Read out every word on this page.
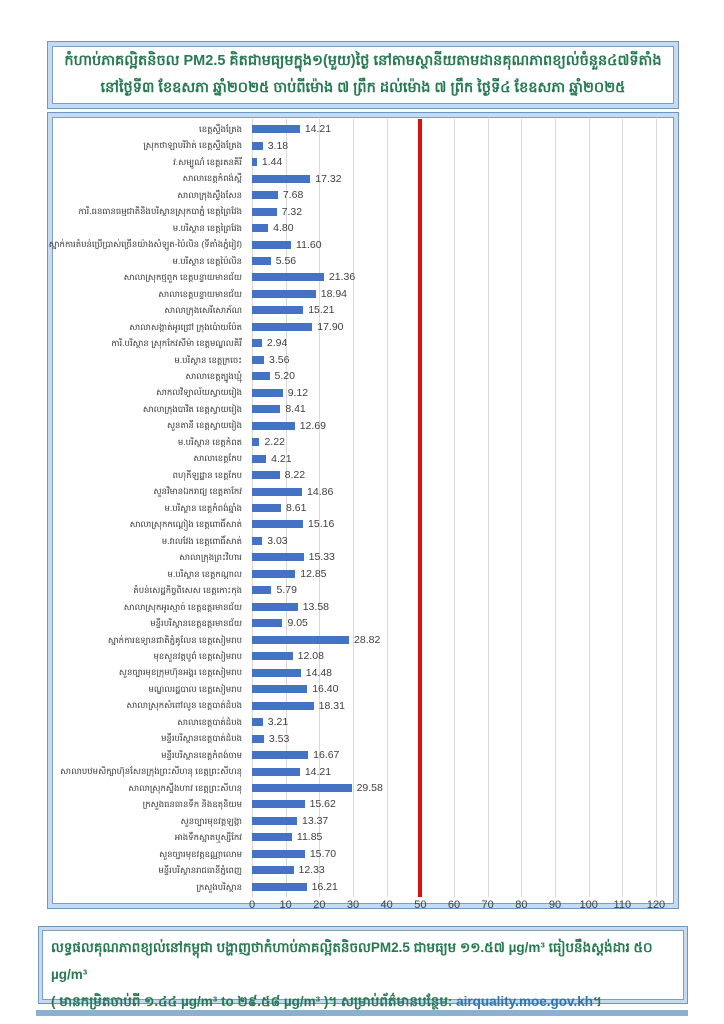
កំហាប់ភាគល្អិតនិចល PM2.5 គិតជាមធ្យមក្នុង១(មួយ)ថ្ងៃ នៅតាមស្ថានីយតាមដានគុណភាពខ្យល់ចំនួន៤៧ទីតាំង
នៅថ្ងៃទី៣ ខែឧសភា ឆ្នាំ២០២៥ ចាប់ពីម៉ោង ៧ ព្រឹក ដល់ម៉ោង ៧ ព្រឹក ថ្ងៃទី៤ ខែឧសភា ឆ្នាំ២០២៥
ខេត្តស្ទឹងត្រែង	14.21
ស្រុកថាឡាបរិវ៉ាត់ ខេត្តស្ទឹងត្រែង	3.18
វ.សម្បូណ៌ ខេត្តរតនគិរី	1.44
សាលាខេត្តកំពង់ស្ពឺ	17.32
សាលាក្រុងស្ទឹងសែន	7.68
ការិ.ធនធានធម្មជាតិនិងបរិស្ថានស្រុកបាភ្នំ ខេត្តព្រៃវែង	7.32
ម.បរិស្ថាន ខេត្តព្រៃវែង	4.80
ស្នាក់ការតំបន់ប្រើប្រាស់ច្រើនយ៉ាងសំឡូត-ប៉ៃលិន (ទីតាំងភ្នំរៀវ)	11.60
ម.បរិស្ថាន ខេត្តប៉ៃលិន	5.56
សាលាស្រុកថ្មពួក ខេត្តបន្ទាយមានជ័យ	21.36
សាលាខេត្តបន្ទាយមានជ័យ	18.94
សាលាក្រុងសេរីសោភ័ណ	15.21
សាលាសង្កាត់អូរជ្រៅ ក្រុងប៉ោយប៉ែត	17.90
ការិ.បរិស្ថាន ស្រុកកែវសីម៉ា ខេត្តមណ្ឌលគិរី	2.94
ម.បរិស្ថាន ខេត្តក្រចេះ	3.56
សាលាខេត្តត្បូងឃ្មុំ	5.20
សាកលវិទ្យាល័យស្វាយរៀង	9.12
សាលាក្រុងបាវិត ខេត្តស្វាយរៀង	8.41
សួនតានី ខេត្តស្វាយរៀង	12.69
ម.បរិស្ថាន ខេត្តកំពត	2.22
សាលាខេត្តកែប	4.21
ពហុកីឡដ្ឋាន ខេត្តកែប	8.22
សួនវិមានឯករាជ្យ ខេត្តតាកែវ	14.86
ម.បរិស្ថាន ខេត្តកំពង់ឆ្នាំង	8.61
សាលាស្រុកកណ្តៀង ខេត្តពោធិ៍សាត់	15.16
ម.វាលវែង ខេត្តពោធិ៍សាត់	3.03
សាលាក្រុងព្រះវិហារ	15.33
ម.បរិស្ថាន ខេត្តកណ្តាល	12.85
តំបន់សេដ្ឋកិច្ចពិសេស ខេត្តកោះកុង	5.79
សាលាស្រុកអូរស្មាច់ ខេត្តឧត្តរមានជ័យ	13.58
មន្ទីរបរិស្ថានខេត្តឧត្តរមានជ័យ	9.05
ស្នាក់ការឧទ្យានជាតិភ្នំគូលែន ខេត្តសៀមរាប	28.82
មុខសួនវត្តបូព៌ ខេត្តសៀមរាប	12.08
សួនច្បារមុខក្រុមហ៊ុនអង្គរ ខេត្តសៀមរាប	14.48
មណ្ឌលរដ្ឋបាល ខេត្តសៀមរាប	16.40
សាលាស្រុកសំពៅលូន ខេត្តបាត់ដំបង	18.31
សាលាខេត្តបាត់ដំបង	3.21
មន្ទីរបរិស្ថានខេត្តបាត់ដំបង	3.53
មន្ទីរបរិស្ថានខេត្តកំពង់ចាម	16.67
សាលាបឋមសិក្សាហ៊ុនសែនក្រុងព្រះសីហនុ ខេត្តព្រះសីហនុ	14.21
សាលាស្រុកស្ទឹងហាវ ខេត្តព្រះសីហនុ	29.58
ក្រសួងធនធានទឹក និងឧតុនិយម	15.62
សួនច្បារមុខវត្តឡង្កា	13.37
អាងទឹកស្អាតឬស្សីកែវ	11.85
សួនច្បារមុខវត្តឧណ្ណាលោម	15.70
មន្ទីរបរិស្ថានរាជធានីភ្នំពេញ	12.33
ក្រសួងបរិស្ថាន	16.21
0 10 20 30 40 50 60 70 80 90 100 110 120
លទ្ធផលគុណភាពខ្យល់នៅកម្ពុជា បង្ហាញថាកំហាប់ភាគល្អិតនិចលPM2.5 ជាមធ្យម ១១.៥៧ µg/m³ ធៀបនឹងស្តង់ដារ ៥០ µg/m³
( មានកម្រិតចាប់ពី ១.៤៤ µg/m³ to ២៩.៥៨ µg/m³ )។ សម្រាប់ព័ត៌មានបន្ថែម: airquality.moe.gov.kh។
